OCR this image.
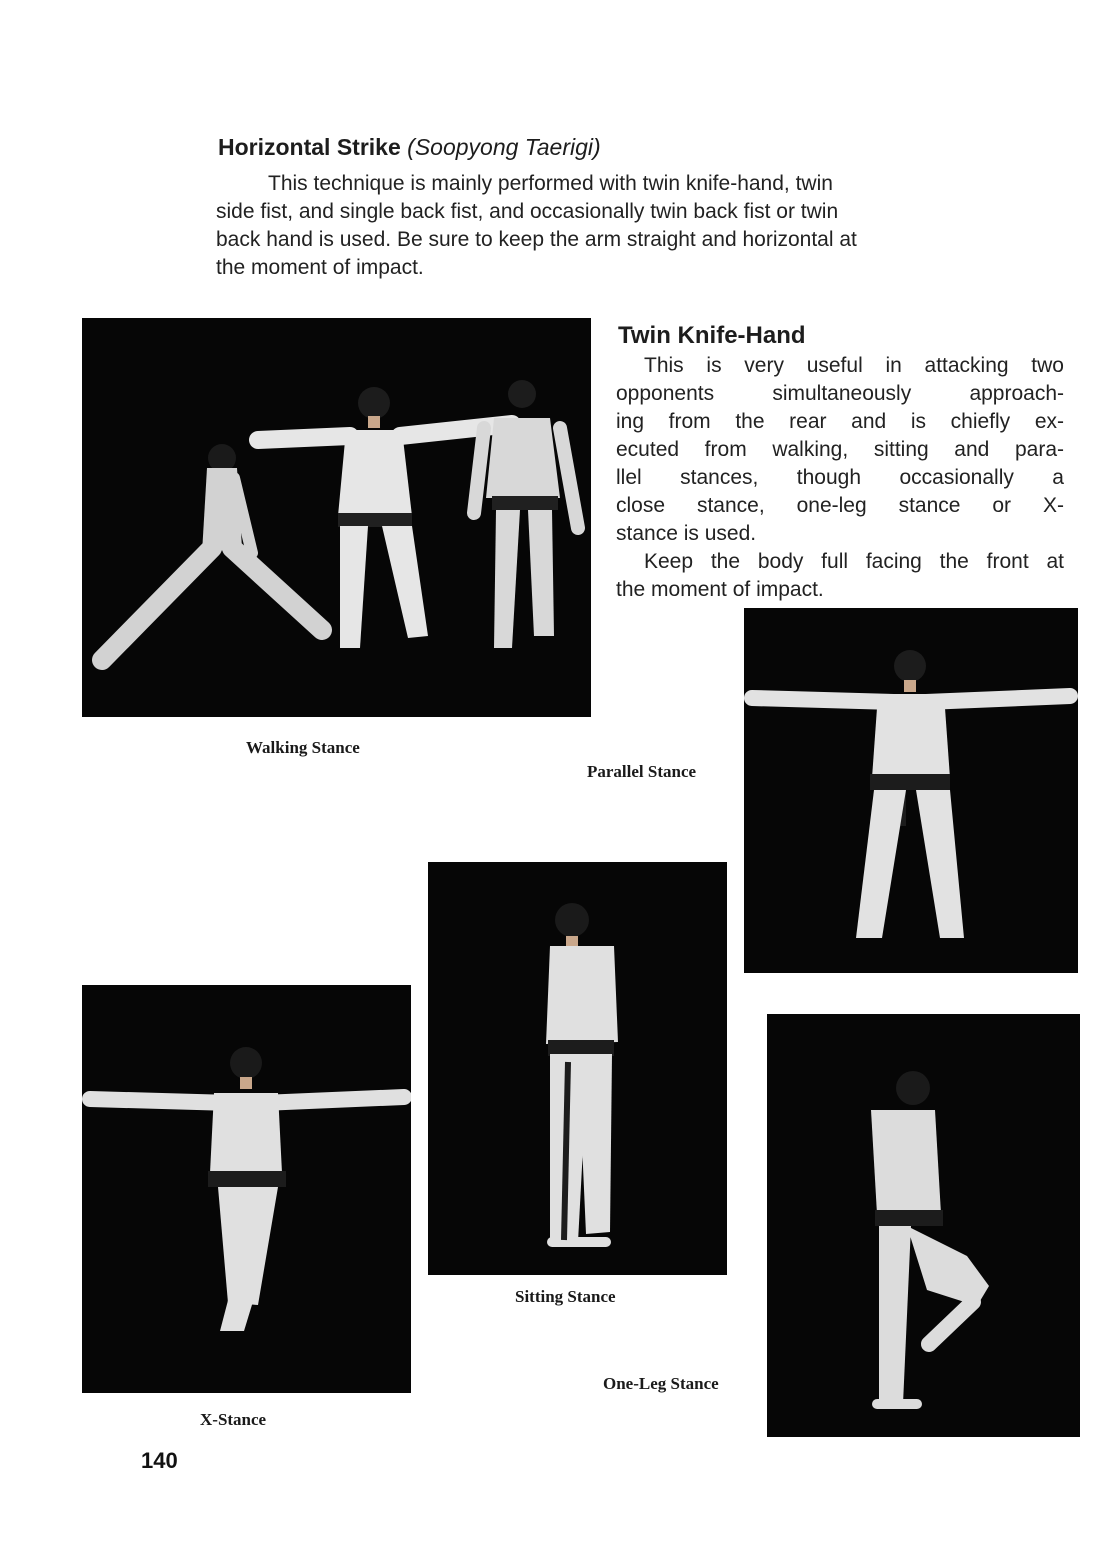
Horizontal Strike (Soopyong Taerigi)
This technique is mainly performed with twin knife-hand, twin
side fist, and single back fist, and occasionally twin back fist or twin
back hand is used. Be sure to keep the arm straight and horizontal at
the moment of impact.
Twin Knife-Hand
This is very useful in attacking two
opponents simultaneously approach-
ing from the rear and is chiefly ex-
ecuted from walking, sitting and para-
llel stances, though occasionally a
close stance, one-leg stance or X-
stance is used.
Keep the body full facing the front at
the moment of impact.
Walking Stance
Parallel Stance
Sitting Stance
X-Stance
One-Leg Stance
140
